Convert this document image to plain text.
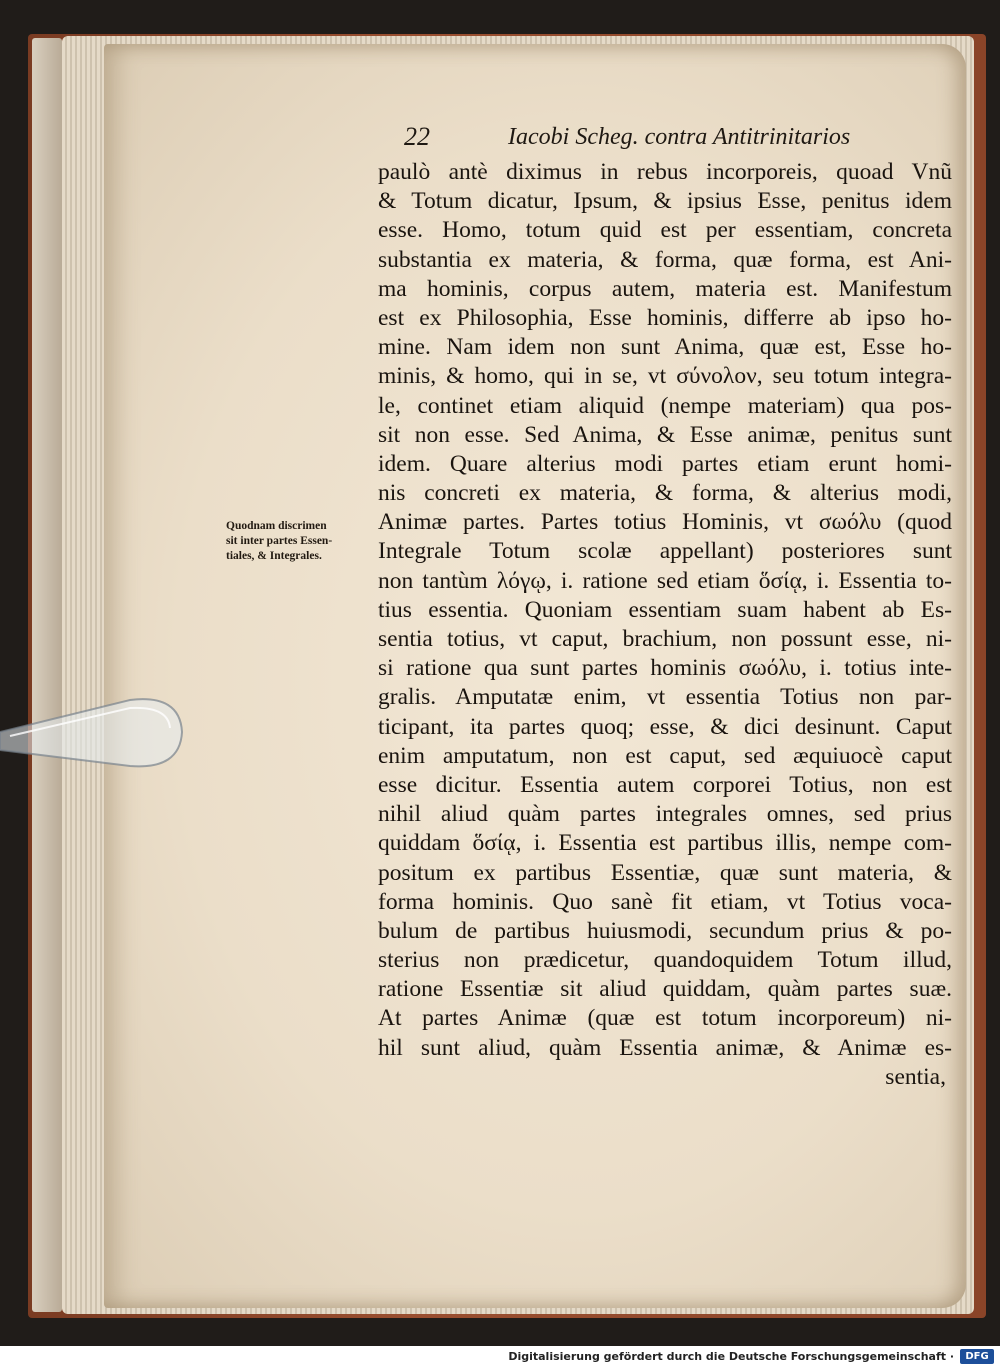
22	Iacobi Scheg. contra Antitrinitarios
Quodnam discrimen
sit inter partes Essen-
tiales, & Integrales.
paulò antè diximus in rebus incorporeis, quoad Vnũ
& Totum dicatur, Ipsum, & ipsius Esse, penitus idem
esse. Homo, totum quid est per essentiam, concreta
substantia ex materia, & forma, quæ forma, est Ani-
ma hominis, corpus autem, materia est. Manifestum
est ex Philosophia, Esse hominis, differre ab ipso ho-
mine. Nam idem non sunt Anima, quæ est, Esse ho-
minis, & homo, qui in se, vt σύνολον, seu totum integra-
le, continet etiam aliquid (nempe materiam) qua pos-
sit non esse. Sed Anima, & Esse animæ, penitus sunt
idem. Quare alterius modi partes etiam erunt homi-
nis concreti ex materia, & forma, & alterius modi,
Animæ partes. Partes totius Hominis, vt σωόλυ (quod
Integrale Totum scolæ appellant) posteriores sunt
non tantùm λόγῳ, i. ratione sed etiam ὅσίᾳ, i. Essentia to-
tius essentia. Quoniam essentiam suam habent ab Es-
sentia totius, vt caput, brachium, non possunt esse, ni-
si ratione qua sunt partes hominis σωόλυ, i. totius inte-
gralis. Amputatæ enim, vt essentia Totius non par-
ticipant, ita partes quoq; esse, & dici desinunt. Caput
enim amputatum, non est caput, sed æquiuocè caput
esse dicitur. Essentia autem corporei Totius, non est
nihil aliud quàm partes integrales omnes, sed prius
quiddam ὅσίᾳ, i. Essentia est partibus illis, nempe com-
positum ex partibus Essentiæ, quæ sunt materia, &
forma hominis. Quo sanè fit etiam, vt Totius voca-
bulum de partibus huiusmodi, secundum prius & po-
sterius non prædicetur, quandoquidem Totum illud,
ratione Essentiæ sit aliud quiddam, quàm partes suæ.
At partes Animæ (quæ est totum incorporeum) ni-
hil sunt aliud, quàm Essentia animæ, & Animæ es-
sentia,
Digitalisierung gefördert durch die Deutsche Forschungsgemeinschaft ·	DFG
